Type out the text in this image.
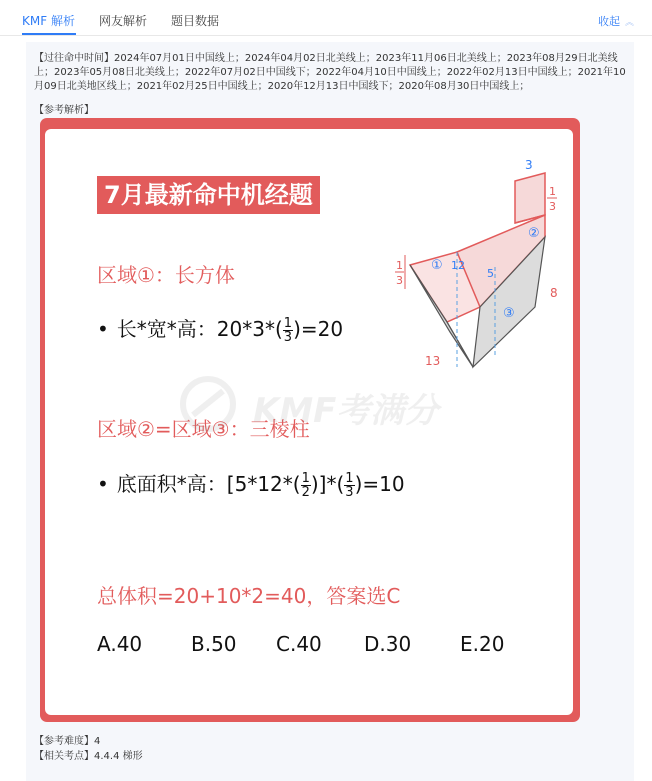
KMF 解析 网友解析 题目数据	收起 ︽
【过往命中时间】2024年07月01日中国线上；2024年04月02日北美线上；2023年11月06日北美线上；2023年08月29日北美线上；2023年05月08日北美线上；2022年07月02日中国线下；2022年04月10日中国线上；2022年02月13日中国线上；2021年10月09日北美地区线上；2021年02月25日中国线上；2020年12月13日中国线下；2020年08月30日中国线上；
【参考解析】
7月最新命中机经题
区域①：长方体
• 长*宽*高：$20*3*( \frac{1}{3} )=20$
区域②=区域③：三棱柱
• 底面积*高：[$5*12*( \frac{1}{2}$ )]*( $\frac{1}{3} )=10$
总体积=20+10*2=40，答案选C
A.40 B.50 C.40 D.30 E.20
KMF考满分
3
1
3
1
3
①
②
③
12
5
8
13
【参考难度】4
【相关考点】4.4.4 梯形
